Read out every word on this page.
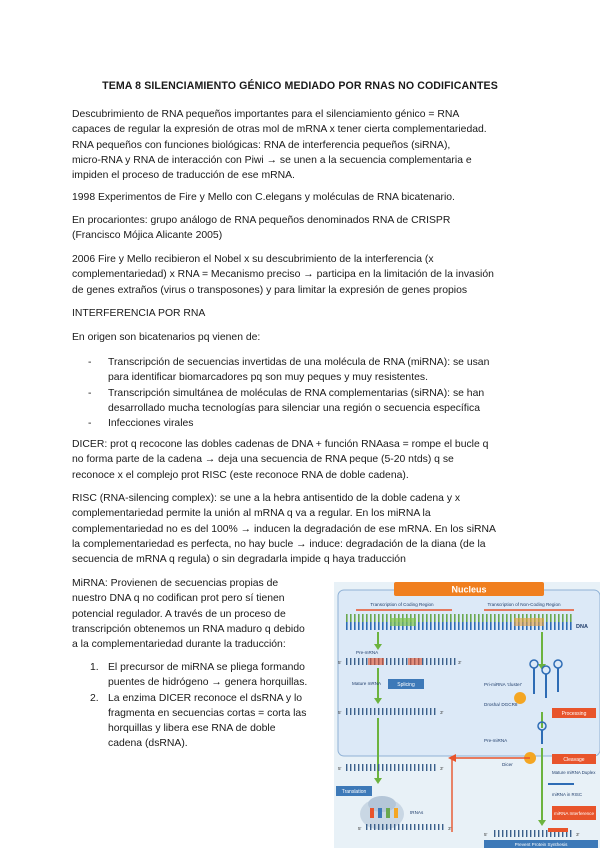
TEMA 8 SILENCIAMIENTO GÉNICO MEDIADO POR RNAS NO CODIFICANTES
Descubrimiento de RNA pequeños importantes para el silenciamiento génico = RNA
capaces de regular la expresión de otras mol de mRNA x tener cierta complementariedad.
RNA pequeños con funciones biológicas: RNA de interferencia pequeños (siRNA),
micro-RNA y RNA de interacción con Piwi → se unen a la secuencia complementaria e
impiden el proceso de traducción de ese mRNA.
1998 Experimentos de Fire y Mello con C.elegans y moléculas de RNA bicatenario.
En procariontes: grupo análogo de RNA pequeños denominados RNA de CRISPR
(Francisco Mójica Alicante 2005)
2006 Fire y Mello recibieron el Nobel x su descubrimiento de la interferencia (x
complementariedad) x RNA = Mecanismo preciso → participa en la limitación de la invasión
de genes extraños (virus o transposones) y para limitar la expresión de genes propios
INTERFERENCIA POR RNA
En origen son bicatenarios pq vienen de:
- Transcripción de secuencias invertidas de una molécula de RNA (miRNA): se usan
para identificar biomarcadores pq son muy peques y muy resistentes.
- Transcripción simultánea de moléculas de RNA complementarias (siRNA): se han
desarrollado mucha tecnologías para silenciar una región o secuencia específica
- Infecciones virales
DICER: prot q recocone las dobles cadenas de DNA + función RNAasa = rompe el bucle q
no forma parte de la cadena → deja una secuencia de RNA peque (5-20 ntds) q se
reconoce x el complejo prot RISC (este reconoce RNA de doble cadena).
RISC (RNA-silencing complex): se une a la hebra antisentido de la doble cadena y x
complementariedad permite la unión al mRNA q va a regular. En los miRNA la
complementariedad no es del 100% → inducen la degradación de ese mRNA. En los siRNA
la complementariedad es perfecta, no hay bucle → induce: degradación de la diana (de la
secuencia de mRNA q regula) o sin degradarla impide q haya traducción
MiRNA: Provienen de secuencias propias de
nuestro DNA q no codifican prot pero sí tienen
potencial regulador. A través de un proceso de
transcripción obtenemos un RNA maduro q debido
a la complementariedad durante la traducción:
1. El precursor de miRNA se pliega formando
puentes de hidrógeno → genera horquillas.
2. La enzima DICER reconoce el dsRNA y lo
fragmenta en secuencias cortas = corta las
horquillas y libera ese RNA de doble
cadena (dsRNA).
Nucleus
Transcription of Coding Region	Transcription of Non-Coding Region
DNA
Pre-mRNA
5'	3'
Mature mRNA	Splicing
5'	3'
Pri-miRNA 'cluster'
Drosha/ DGCR8
Processing
Pre-miRNA
Dicer
Cleavage
Mature miRNA Duplex
miRNA in RISC
miRNA Interference
5'	3'
Translation
tRNAs
5'	3'
5'	3'
Prevent Protein Synthesis
